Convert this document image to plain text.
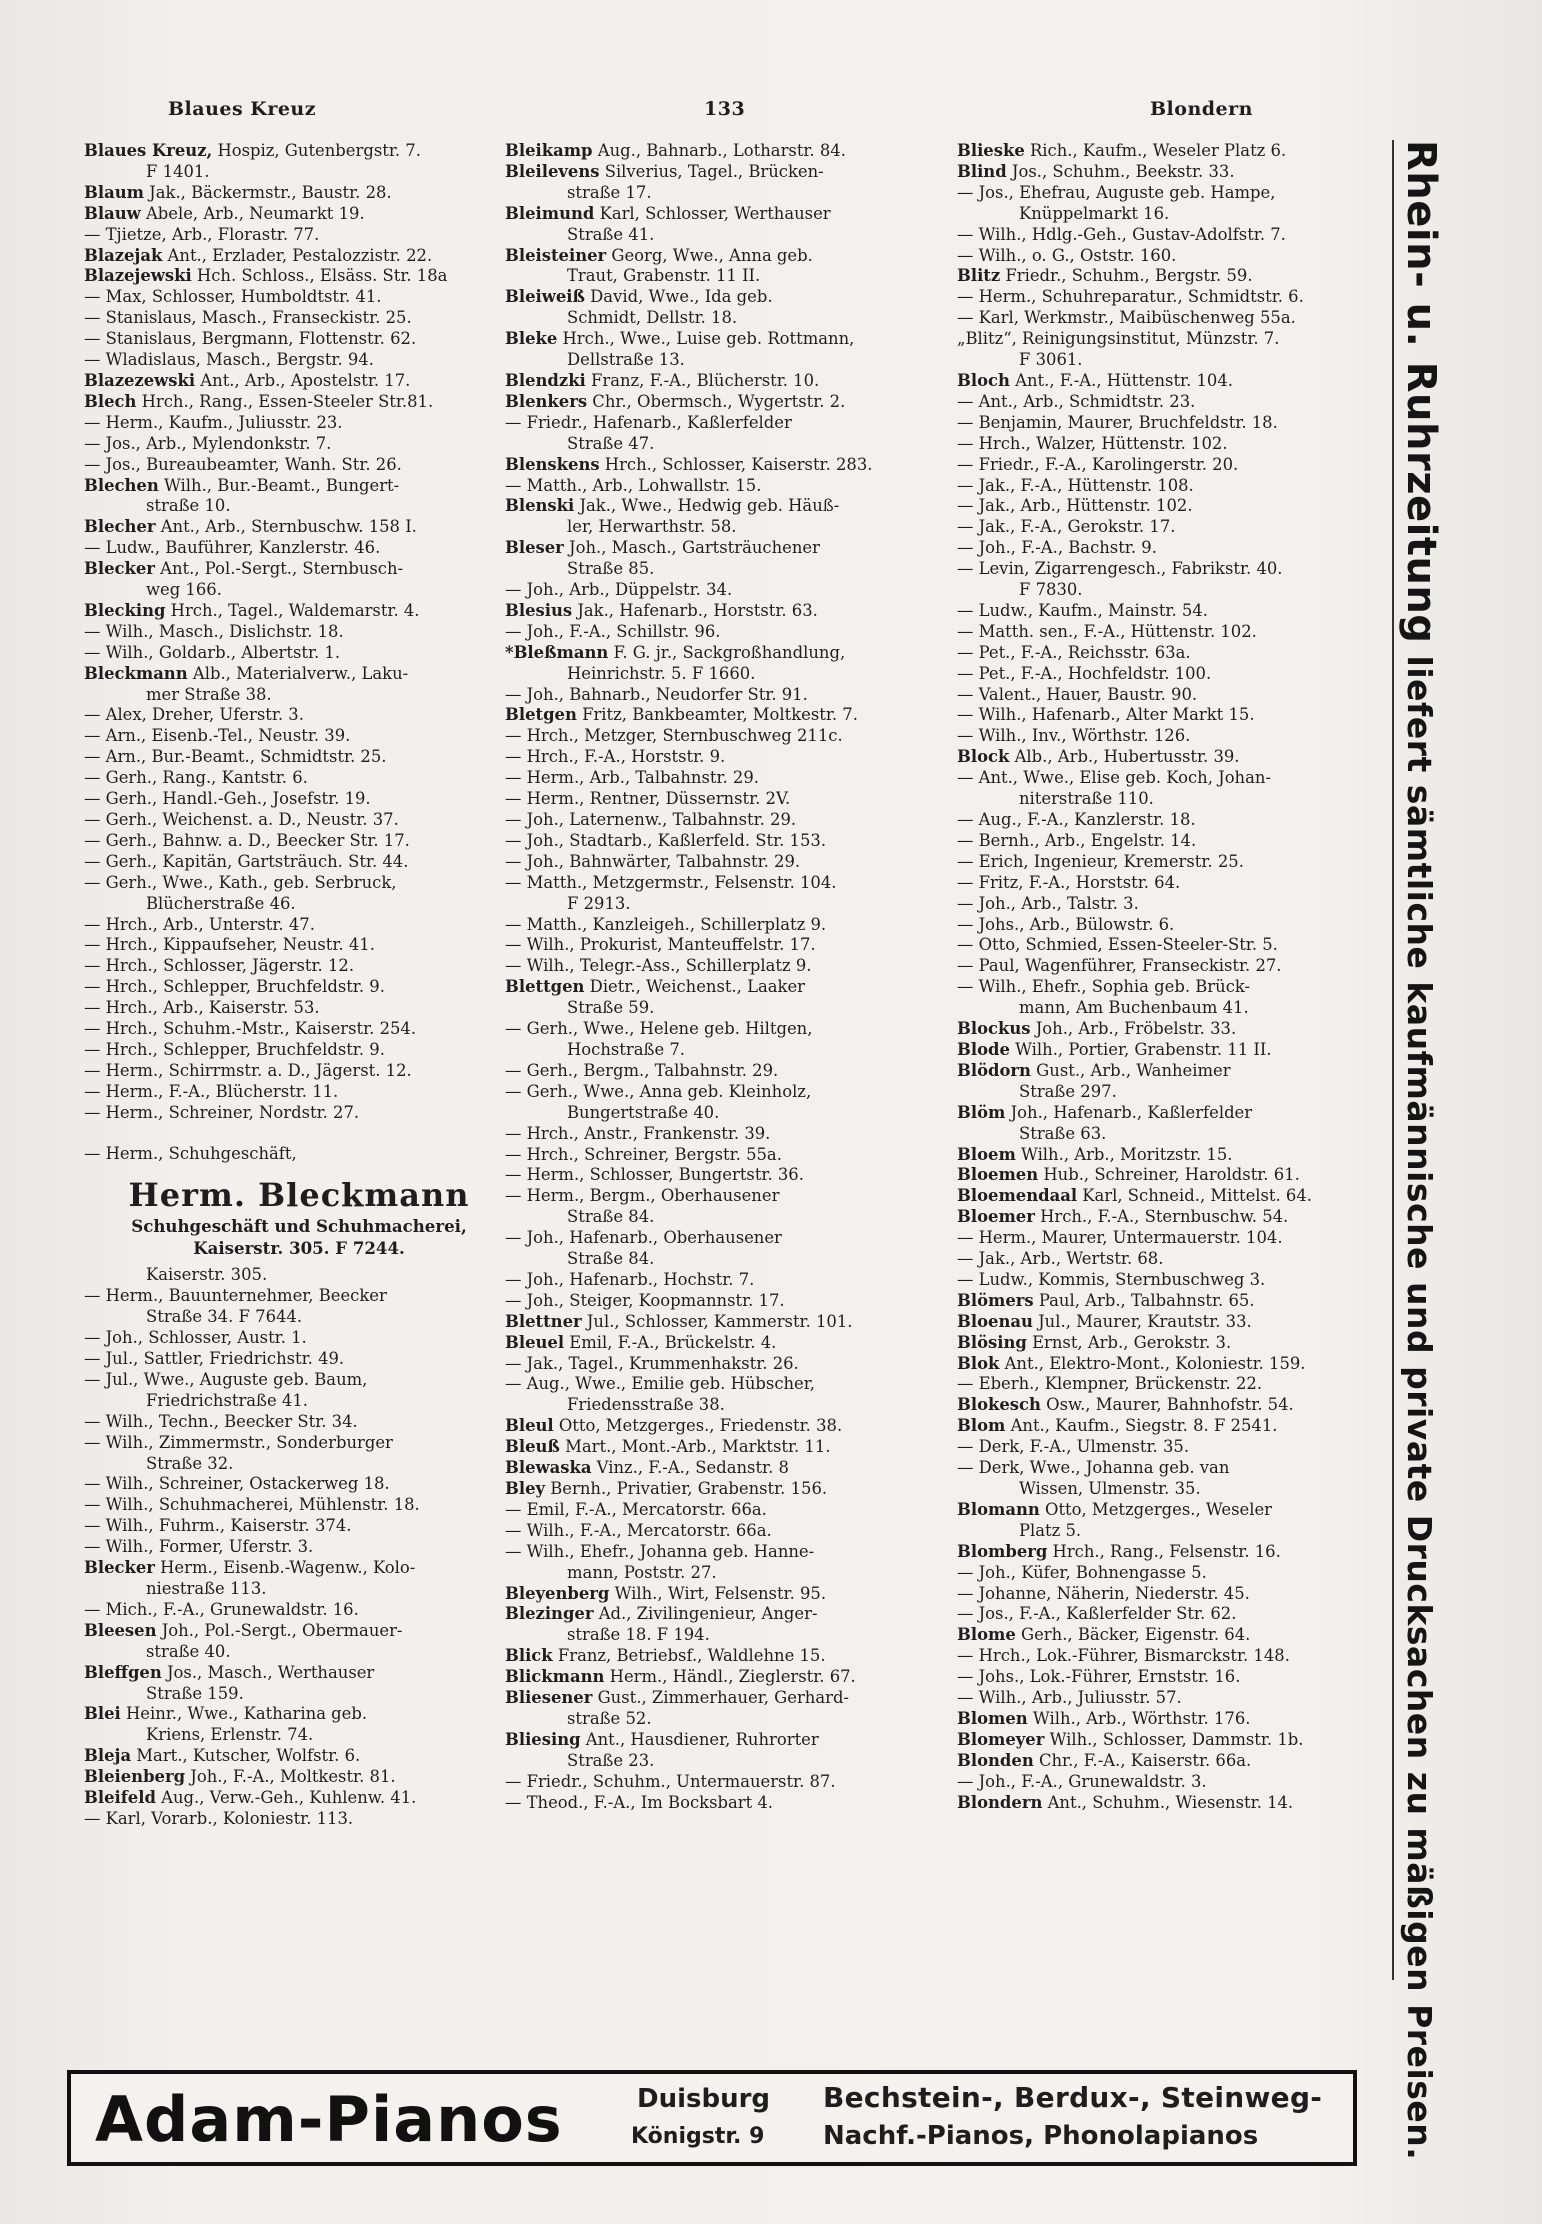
Blaues Kreuz	133	Blondern
Blaues Kreuz, Hospiz, Gutenbergstr. 7.
F 1401.
Blaum Jak., Bäckermstr., Baustr. 28.
Blauw Abele, Arb., Neumarkt 19.
— Tjietze, Arb., Florastr. 77.
Blazejak Ant., Erzlader, Pestalozzistr. 22.
Blazejewski Hch. Schloss., Elsäss. Str. 18a
— Max, Schlosser, Humboldtstr. 41.
— Stanislaus, Masch., Franseckistr. 25.
— Stanislaus, Bergmann, Flottenstr. 62.
— Wladislaus, Masch., Bergstr. 94.
Blazezewski Ant., Arb., Apostelstr. 17.
Blech Hrch., Rang., Essen-Steeler Str.81.
— Herm., Kaufm., Juliusstr. 23.
— Jos., Arb., Mylendonkstr. 7.
— Jos., Bureaubeamter, Wanh. Str. 26.
Blechen Wilh., Bur.-Beamt., Bungert-
straße 10.
Blecher Ant., Arb., Sternbuschw. 158 I.
— Ludw., Bauführer, Kanzlerstr. 46.
Blecker Ant., Pol.-Sergt., Sternbusch-
weg 166.
Blecking Hrch., Tagel., Waldemarstr. 4.
— Wilh., Masch., Dislichstr. 18.
— Wilh., Goldarb., Albertstr. 1.
Bleckmann Alb., Materialverw., Laku-
mer Straße 38.
— Alex, Dreher, Uferstr. 3.
— Arn., Eisenb.-Tel., Neustr. 39.
— Arn., Bur.-Beamt., Schmidtstr. 25.
— Gerh., Rang., Kantstr. 6.
— Gerh., Handl.-Geh., Josefstr. 19.
— Gerh., Weichenst. a. D., Neustr. 37.
— Gerh., Bahnw. a. D., Beecker Str. 17.
— Gerh., Kapitän, Gartsträuch. Str. 44.
— Gerh., Wwe., Kath., geb. Serbruck,
Blücherstraße 46.
— Hrch., Arb., Unterstr. 47.
— Hrch., Kippaufseher, Neustr. 41.
— Hrch., Schlosser, Jägerstr. 12.
— Hrch., Schlepper, Bruchfeldstr. 9.
— Hrch., Arb., Kaiserstr. 53.
— Hrch., Schuhm.-Mstr., Kaiserstr. 254.
— Hrch., Schlepper, Bruchfeldstr. 9.
— Herm., Schirrmstr. a. D., Jägerst. 12.
— Herm., F.-A., Blücherstr. 11.
— Herm., Schreiner, Nordstr. 27.
— Herm., Schuhgeschäft,
Herm. Bleckmann
Schuhgeschäft und Schuhmacherei,
Kaiserstr. 305. F 7244.
Kaiserstr. 305.
— Herm., Bauunternehmer, Beecker
Straße 34. F 7644.
— Joh., Schlosser, Austr. 1.
— Jul., Sattler, Friedrichstr. 49.
— Jul., Wwe., Auguste geb. Baum,
Friedrichstraße 41.
— Wilh., Techn., Beecker Str. 34.
— Wilh., Zimmermstr., Sonderburger
Straße 32.
— Wilh., Schreiner, Ostackerweg 18.
— Wilh., Schuhmacherei, Mühlenstr. 18.
— Wilh., Fuhrm., Kaiserstr. 374.
— Wilh., Former, Uferstr. 3.
Blecker Herm., Eisenb.-Wagenw., Kolo-
niestraße 113.
— Mich., F.-A., Grunewaldstr. 16.
Bleesen Joh., Pol.-Sergt., Obermauer-
straße 40.
Bleffgen Jos., Masch., Werthauser
Straße 159.
Blei Heinr., Wwe., Katharina geb.
Kriens, Erlenstr. 74.
Bleja Mart., Kutscher, Wolfstr. 6.
Bleienberg Joh., F.-A., Moltkestr. 81.
Bleifeld Aug., Verw.-Geh., Kuhlenw. 41.
— Karl, Vorarb., Koloniestr. 113.
Bleikamp Aug., Bahnarb., Lotharstr. 84.
Bleilevens Silverius, Tagel., Brücken-
straße 17.
Bleimund Karl, Schlosser, Werthauser
Straße 41.
Bleisteiner Georg, Wwe., Anna geb.
Traut, Grabenstr. 11 II.
Bleiweiß David, Wwe., Ida geb.
Schmidt, Dellstr. 18.
Bleke Hrch., Wwe., Luise geb. Rottmann,
Dellstraße 13.
Blendzki Franz, F.-A., Blücherstr. 10.
Blenkers Chr., Obermsch., Wygertstr. 2.
— Friedr., Hafenarb., Kaßlerfelder
Straße 47.
Blenskens Hrch., Schlosser, Kaiserstr. 283.
— Matth., Arb., Lohwallstr. 15.
Blenski Jak., Wwe., Hedwig geb. Häuß-
ler, Herwarthstr. 58.
Bleser Joh., Masch., Gartsträuchener
Straße 85.
— Joh., Arb., Düppelstr. 34.
Blesius Jak., Hafenarb., Horststr. 63.
— Joh., F.-A., Schillstr. 96.
*Bleßmann F. G. jr., Sackgroßhandlung,
Heinrichstr. 5. F 1660.
— Joh., Bahnarb., Neudorfer Str. 91.
Bletgen Fritz, Bankbeamter, Moltkestr. 7.
— Hrch., Metzger, Sternbuschweg 211c.
— Hrch., F.-A., Horststr. 9.
— Herm., Arb., Talbahnstr. 29.
— Herm., Rentner, Düssernstr. 2V.
— Joh., Laternenw., Talbahnstr. 29.
— Joh., Stadtarb., Kaßlerfeld. Str. 153.
— Joh., Bahnwärter, Talbahnstr. 29.
— Matth., Metzgermstr., Felsenstr. 104.
F 2913.
— Matth., Kanzleigeh., Schillerplatz 9.
— Wilh., Prokurist, Manteuffelstr. 17.
— Wilh., Telegr.-Ass., Schillerplatz 9.
Blettgen Dietr., Weichenst., Laaker
Straße 59.
— Gerh., Wwe., Helene geb. Hiltgen,
Hochstraße 7.
— Gerh., Bergm., Talbahnstr. 29.
— Gerh., Wwe., Anna geb. Kleinholz,
Bungertstraße 40.
— Hrch., Anstr., Frankenstr. 39.
— Hrch., Schreiner, Bergstr. 55a.
— Herm., Schlosser, Bungertstr. 36.
— Herm., Bergm., Oberhausener
Straße 84.
— Joh., Hafenarb., Oberhausener
Straße 84.
— Joh., Hafenarb., Hochstr. 7.
— Joh., Steiger, Koopmannstr. 17.
Blettner Jul., Schlosser, Kammerstr. 101.
Bleuel Emil, F.-A., Brückelstr. 4.
— Jak., Tagel., Krummenhakstr. 26.
— Aug., Wwe., Emilie geb. Hübscher,
Friedensstraße 38.
Bleul Otto, Metzgerges., Friedenstr. 38.
Bleuß Mart., Mont.-Arb., Marktstr. 11.
Blewaska Vinz., F.-A., Sedanstr. 8
Bley Bernh., Privatier, Grabenstr. 156.
— Emil, F.-A., Mercatorstr. 66a.
— Wilh., F.-A., Mercatorstr. 66a.
— Wilh., Ehefr., Johanna geb. Hanne-
mann, Poststr. 27.
Bleyenberg Wilh., Wirt, Felsenstr. 95.
Blezinger Ad., Zivilingenieur, Anger-
straße 18. F 194.
Blick Franz, Betriebsf., Waldlehne 15.
Blickmann Herm., Händl., Zieglerstr. 67.
Bliesener Gust., Zimmerhauer, Gerhard-
straße 52.
Bliesing Ant., Hausdiener, Ruhrorter
Straße 23.
— Friedr., Schuhm., Untermauerstr. 87.
— Theod., F.-A., Im Bocksbart 4.
Blieske Rich., Kaufm., Weseler Platz 6.
Blind Jos., Schuhm., Beekstr. 33.
— Jos., Ehefrau, Auguste geb. Hampe,
Knüppelmarkt 16.
— Wilh., Hdlg.-Geh., Gustav-Adolfstr. 7.
— Wilh., o. G., Oststr. 160.
Blitz Friedr., Schuhm., Bergstr. 59.
— Herm., Schuhreparatur., Schmidtstr. 6.
— Karl, Werkmstr., Maibüschenweg 55a.
„Blitz“, Reinigungsinstitut, Münzstr. 7.
F 3061.
Bloch Ant., F.-A., Hüttenstr. 104.
— Ant., Arb., Schmidtstr. 23.
— Benjamin, Maurer, Bruchfeldstr. 18.
— Hrch., Walzer, Hüttenstr. 102.
— Friedr., F.-A., Karolingerstr. 20.
— Jak., F.-A., Hüttenstr. 108.
— Jak., Arb., Hüttenstr. 102.
— Jak., F.-A., Gerokstr. 17.
— Joh., F.-A., Bachstr. 9.
— Levin, Zigarrengesch., Fabrikstr. 40.
F 7830.
— Ludw., Kaufm., Mainstr. 54.
— Matth. sen., F.-A., Hüttenstr. 102.
— Pet., F.-A., Reichsstr. 63a.
— Pet., F.-A., Hochfeldstr. 100.
— Valent., Hauer, Baustr. 90.
— Wilh., Hafenarb., Alter Markt 15.
— Wilh., Inv., Wörthstr. 126.
Block Alb., Arb., Hubertusstr. 39.
— Ant., Wwe., Elise geb. Koch, Johan-
niterstraße 110.
— Aug., F.-A., Kanzlerstr. 18.
— Bernh., Arb., Engelstr. 14.
— Erich, Ingenieur, Kremerstr. 25.
— Fritz, F.-A., Horststr. 64.
— Joh., Arb., Talstr. 3.
— Johs., Arb., Bülowstr. 6.
— Otto, Schmied, Essen-Steeler-Str. 5.
— Paul, Wagenführer, Franseckistr. 27.
— Wilh., Ehefr., Sophia geb. Brück-
mann, Am Buchenbaum 41.
Blockus Joh., Arb., Fröbelstr. 33.
Blode Wilh., Portier, Grabenstr. 11 II.
Blödorn Gust., Arb., Wanheimer
Straße 297.
Blöm Joh., Hafenarb., Kaßlerfelder
Straße 63.
Bloem Wilh., Arb., Moritzstr. 15.
Bloemen Hub., Schreiner, Haroldstr. 61.
Bloemendaal Karl, Schneid., Mittelst. 64.
Bloemer Hrch., F.-A., Sternbuschw. 54.
— Herm., Maurer, Untermauerstr. 104.
— Jak., Arb., Wertstr. 68.
— Ludw., Kommis, Sternbuschweg 3.
Blömers Paul, Arb., Talbahnstr. 65.
Bloenau Jul., Maurer, Krautstr. 33.
Blösing Ernst, Arb., Gerokstr. 3.
Blok Ant., Elektro-Mont., Koloniestr. 159.
— Eberh., Klempner, Brückenstr. 22.
Blokesch Osw., Maurer, Bahnhofstr. 54.
Blom Ant., Kaufm., Siegstr. 8. F 2541.
— Derk, F.-A., Ulmenstr. 35.
— Derk, Wwe., Johanna geb. van
Wissen, Ulmenstr. 35.
Blomann Otto, Metzgerges., Weseler
Platz 5.
Blomberg Hrch., Rang., Felsenstr. 16.
— Joh., Küfer, Bohnengasse 5.
— Johanne, Näherin, Niederstr. 45.
— Jos., F.-A., Kaßlerfelder Str. 62.
Blome Gerh., Bäcker, Eigenstr. 64.
— Hrch., Lok.-Führer, Bismarckstr. 148.
— Johs., Lok.-Führer, Ernststr. 16.
— Wilh., Arb., Juliusstr. 57.
Blomen Wilh., Arb., Wörthstr. 176.
Blomeyer Wilh., Schlosser, Dammstr. 1b.
Blonden Chr., F.-A., Kaiserstr. 66a.
— Joh., F.-A., Grunewaldstr. 3.
Blondern Ant., Schuhm., Wiesenstr. 14.
Rhein- u. Ruhrzeitung liefert sämtliche kaufmännische und private Drucksachen zu mäßigen Preisen.
Adam-Pianos	Duisburg
Königstr. 9
Bechstein-, Berdux-, Steinweg-
Nachf.-Pianos, Phonolapianos
